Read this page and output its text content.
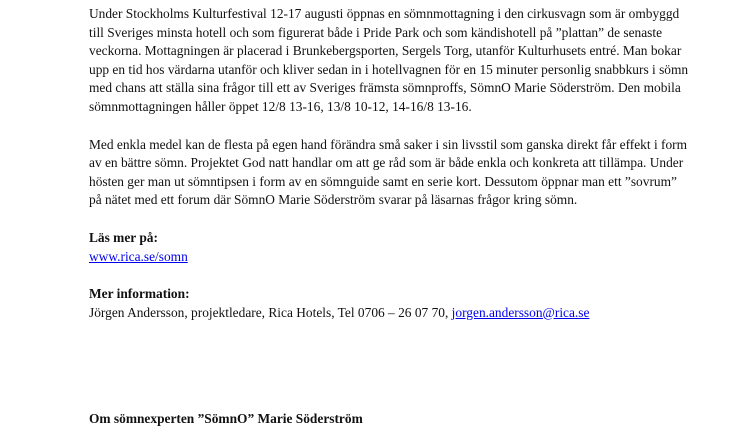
Under Stockholms Kulturfestival 12-17 augusti öppnas en sömnmottagning i den cirkusvagn som är ombyggd till Sveriges minsta hotell och som figurerat både i Pride Park och som kändishotell på ”plattan” de senaste veckorna. Mottagningen är placerad i Brunkebergsporten, Sergels Torg, utanför Kulturhusets entré. Man bokar upp en tid hos värdarna utanför och kliver sedan in i hotellvagnen för en 15 minuter personlig snabbkurs i sömn med chans att ställa sina frågor till ett av Sveriges främsta sömnproffs, SömnO Marie Söderström. Den mobila sömnmottagningen håller öppet 12/8 13-16, 13/8 10-12, 14-16/8 13-16.

Med enkla medel kan de flesta på egen hand förändra små saker i sin livsstil som ganska direkt får effekt i form av en bättre sömn. Projektet God natt handlar om att ge råd som är både enkla och konkreta att tillämpa. Under hösten ger man ut sömntipsen i form av en sömnguide samt en serie kort. Dessutom öppnar man ett ”sovrum” på nätet med ett forum där SömnO Marie Söderström svarar på läsarnas frågor kring sömn.

Läs mer på:
www.rica.se/somn
Mer information:
Jörgen Andersson, projektledare, Rica Hotels, Tel 0706 – 26 07 70, jorgen.andersson@rica.se
Om sömnexperten ”SömnO” Marie Söderström
